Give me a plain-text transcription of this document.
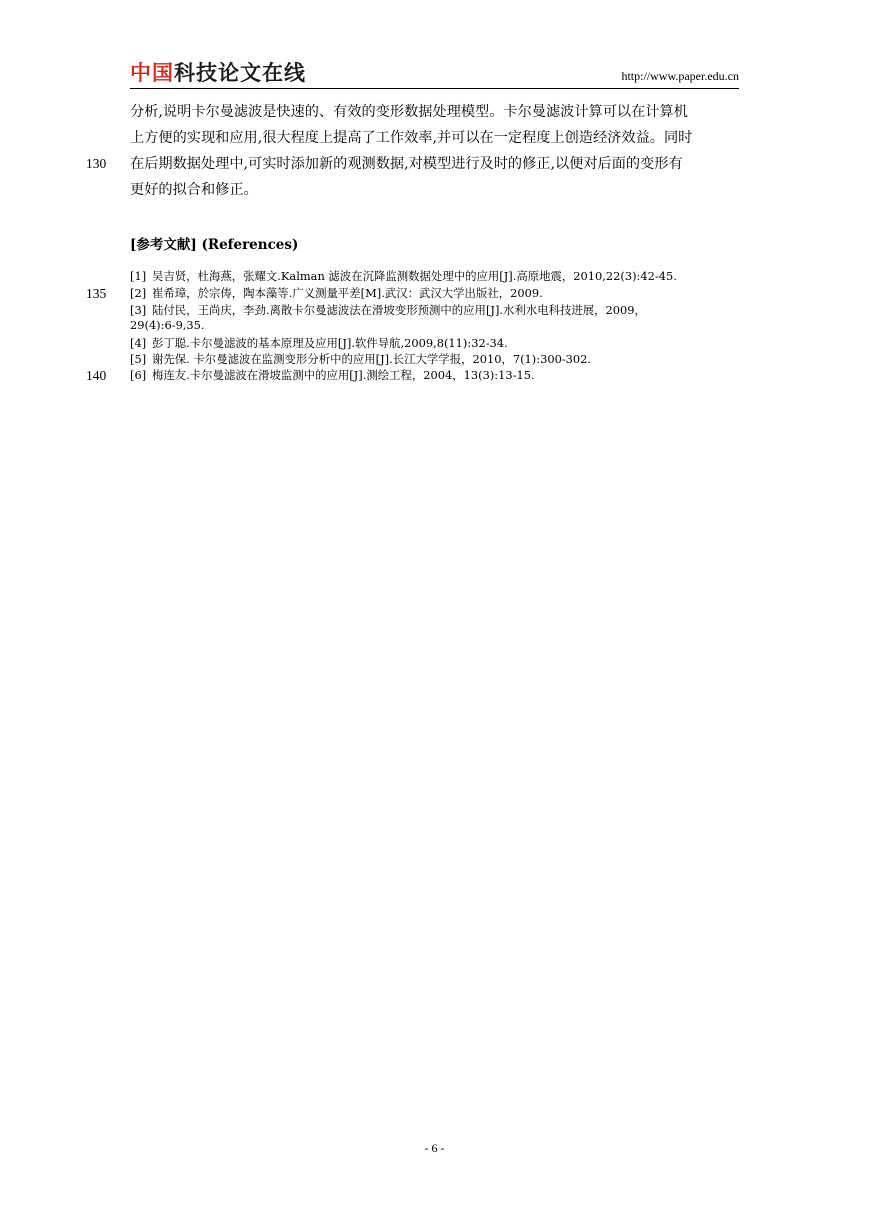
中国科技论文在线	http://www.paper.edu.cn
分析,说明卡尔曼滤波是快速的、有效的变形数据处理模型。卡尔曼滤波计算可以在计算机
上方便的实现和应用,很大程度上提高了工作效率,并可以在一定程度上创造经济效益。同时
130 在后期数据处理中,可实时添加新的观测数据,对模型进行及时的修正,以便对后面的变形有
更好的拟合和修正。
[参考文献] (References)
[1] 吴吉贤，杜海燕，张耀文.Kalman 滤波在沉降监测数据处理中的应用[J].高原地震，2010,22(3):42-45.
135 [2] 崔希璋，於宗俦，陶本藻等.广义测量平差[M].武汉：武汉大学出版社，2009.
[3] 陆付民，王尚庆，李劲.离散卡尔曼滤波法在滑坡变形预测中的应用[J].水利水电科技进展，2009，
29(4):6-9,35.
[4] 彭丁聪.卡尔曼滤波的基本原理及应用[J].软件导航,2009,8(11):32-34.
[5] 谢先保. 卡尔曼滤波在监测变形分析中的应用[J].长江大学学报，2010，7(1):300-302.
140 [6] 梅连友.卡尔曼滤波在滑坡监测中的应用[J].测绘工程，2004，13(3):13-15.
- 6 -
